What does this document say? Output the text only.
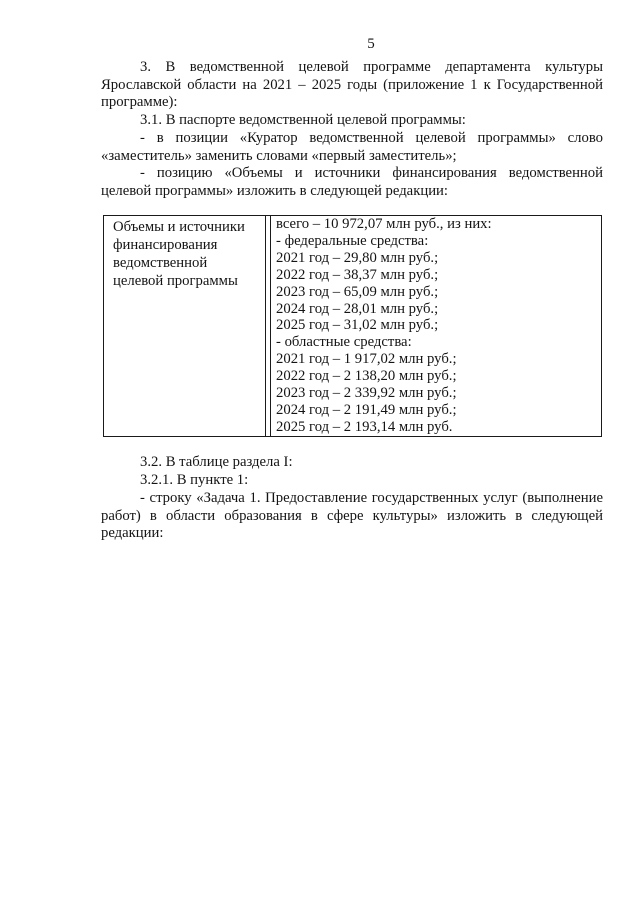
5
3. В ведомственной целевой программе департамента культуры
Ярославской области на 2021 – 2025 годы (приложение 1 к Государственной
программе):
3.1. В паспорте ведомственной целевой программы:
- в позиции «Куратор ведомственной целевой программы» слово
«заместитель» заменить словами «первый заместитель»;
- позицию «Объемы и источники финансирования ведомственной
целевой программы» изложить в следующей редакции:
Объемы и источники
финансирования
ведомственной
целевой программы
всего – 10 972,07 млн руб., из них:
- федеральные средства:
2021 год – 29,80 млн руб.;
2022 год – 38,37 млн руб.;
2023 год – 65,09 млн руб.;
2024 год – 28,01 млн руб.;
2025 год – 31,02 млн руб.;
- областные средства:
2021 год – 1 917,02 млн руб.;
2022 год – 2 138,20 млн руб.;
2023 год – 2 339,92 млн руб.;
2024 год – 2 191,49 млн руб.;
2025 год – 2 193,14 млн руб.
3.2. В таблице раздела I:
3.2.1. В пункте 1:
- строку «Задача 1. Предоставление государственных услуг (выполнение
работ) в области образования в сфере культуры» изложить в следующей
редакции:
